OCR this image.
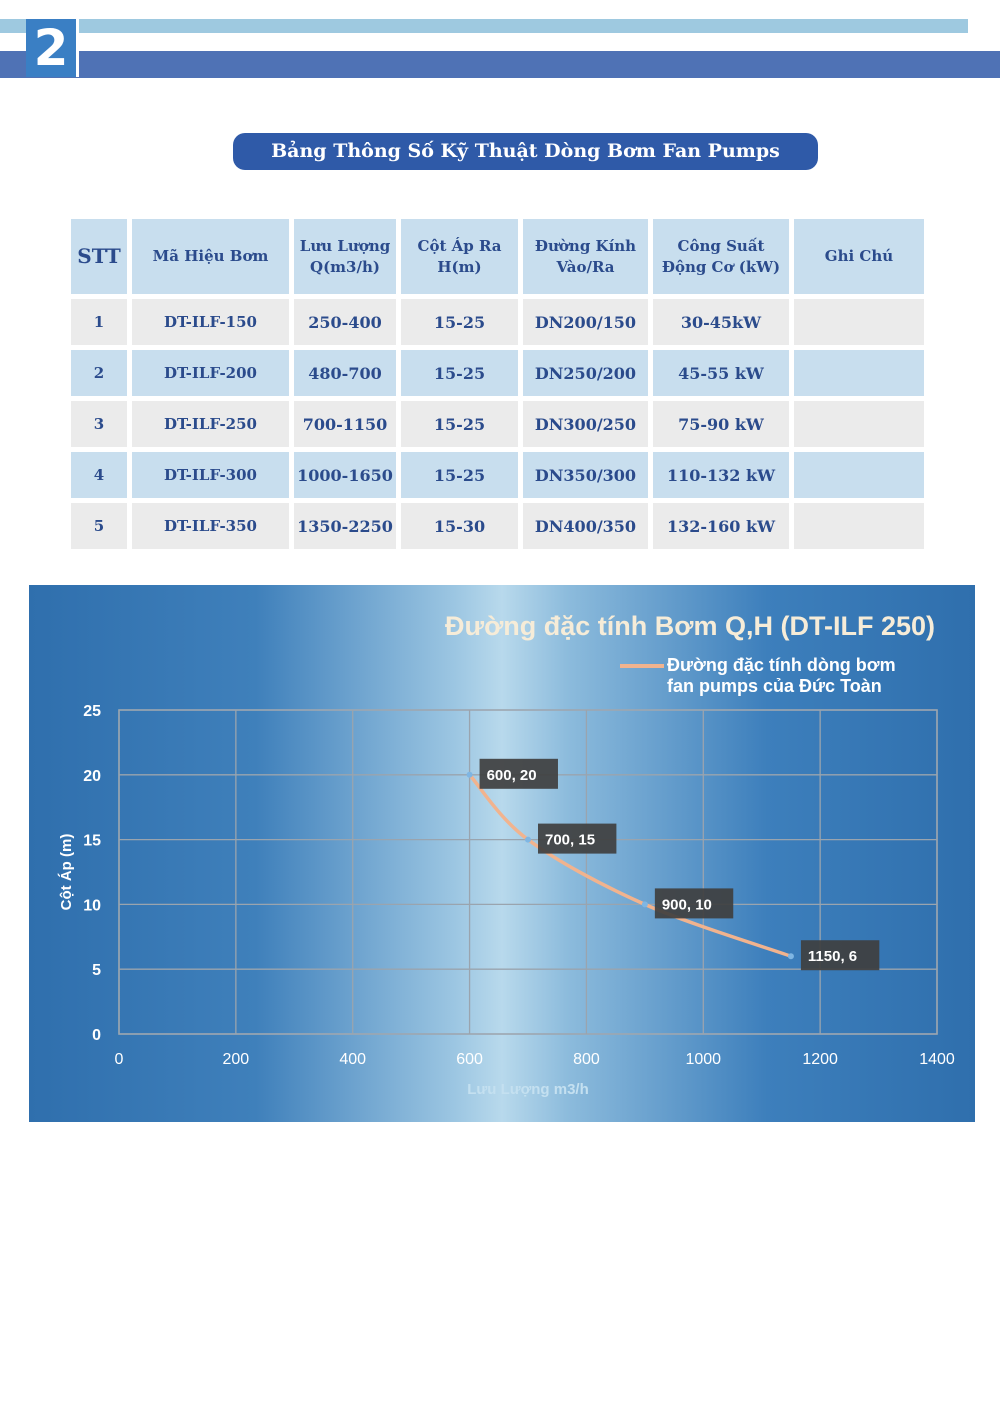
2
Bảng Thông Số Kỹ Thuật Dòng Bơm Fan Pumps
STT	Mã Hiệu Bơm	Lưu Lượng Q(m3/h)	Cột Áp Ra H(m)	Đường Kính Vào/Ra	Công Suất Động Cơ (kW)	Ghi Chú
1	DT-ILF-150	250-400	15-25	DN200/150	30-45kW	
2	DT-ILF-200	480-700	15-25	DN250/200	45-55 kW	
3	DT-ILF-250	700-1150	15-25	DN300/250	75-90 kW	
4	DT-ILF-300	1000-1650	15-25	DN350/300	110-132 kW	
5	DT-ILF-350	1350-2250	15-30	DN400/350	132-160 kW	
Đường đặc tính Bơm Q,H (DT-ILF 250)
Đường đặc tính dòng bơm fan pumps của Đức Toàn
0	200	400	600	800	1000	1200	1400
0
5
10
15
20
25
Lưu Lượng m3/h
Cột Áp (m)
600, 20
700, 15
900, 10
1150, 6
